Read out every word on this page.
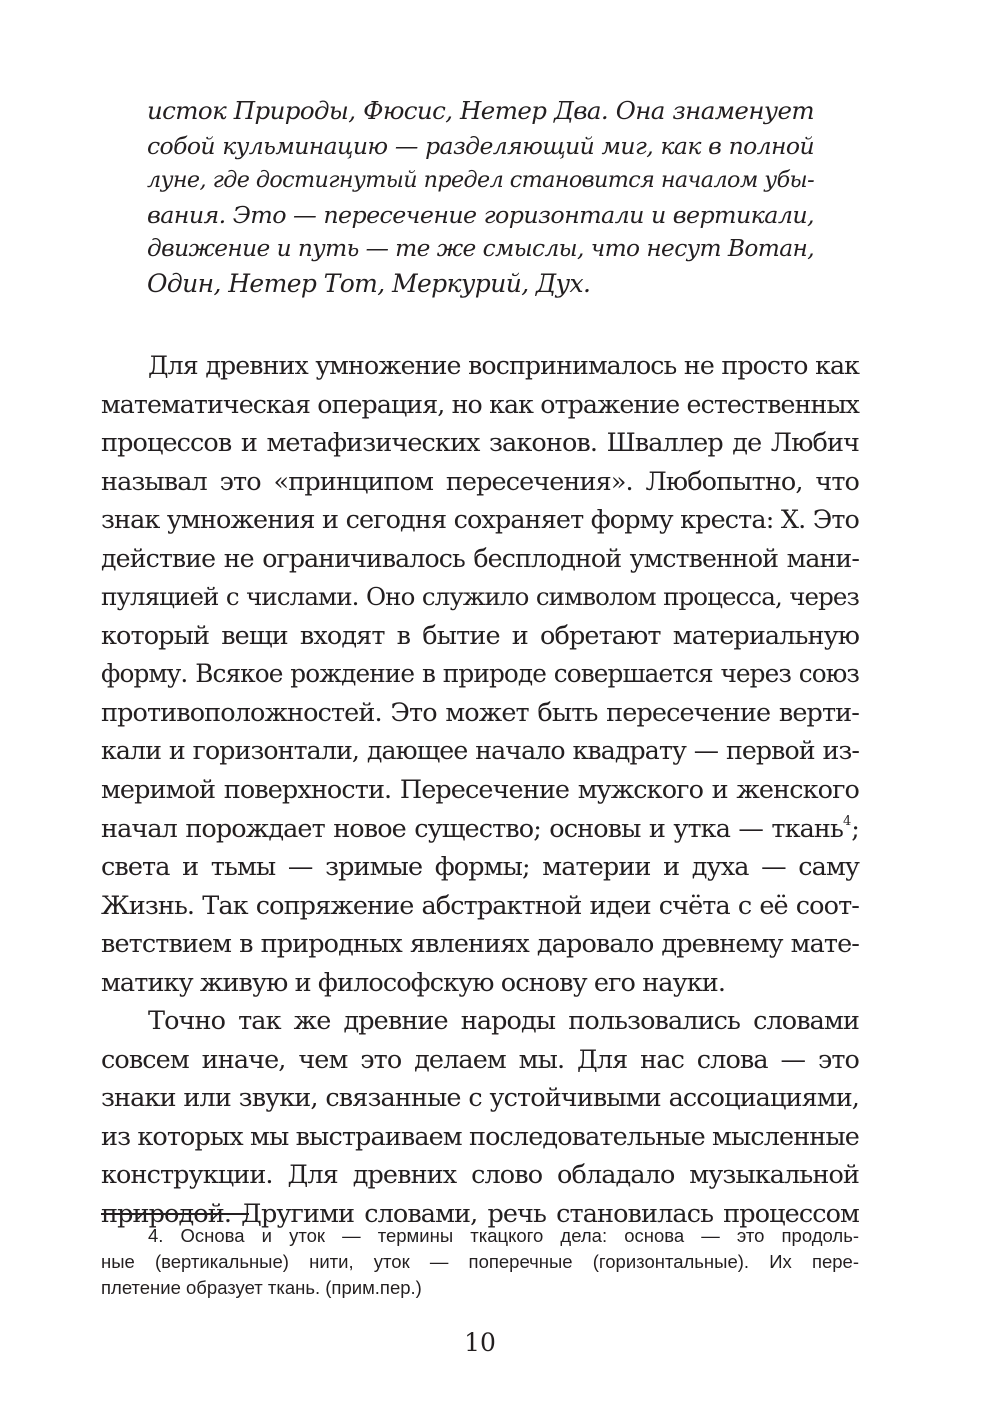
исток Природы, Фюсис, Нетер Два. Она знаменует
собой кульминацию — разделяющий миг, как в полной
луне, где достигнутый предел становится началом убы-
вания. Это — пересечение горизонтали и вертикали,
движение и путь — те же смыслы, что несут Вотан,
Один, Нетер Тот, Меркурий, Дух.
Для древних умножение воспринималось не просто как
математическая операция, но как отражение естественных
процессов и метафизических законов. Шваллер де Любич
называл это «принципом пересечения». Любопытно, что
знак умножения и сегодня сохраняет форму креста: X. Это
действие не ограничивалось бесплодной умственной мани-
пуляцией с числами. Оно служило символом процесса, через
который вещи входят в бытие и обретают материальную
форму. Всякое рождение в природе совершается через союз
противоположностей. Это может быть пересечение верти-
кали и горизонтали, дающее начало квадрату — первой из-
меримой поверхности. Пересечение мужского и женского
начал порождает новое существо; основы и утка — ткань$^4$;
света и тьмы — зримые формы; материи и духа — саму
Жизнь. Так сопряжение абстрактной идеи счёта с её соот-
ветствием в природных явлениях даровало древнему мате-
матику живую и философскую основу его науки.
Точно так же древние народы пользовались словами
совсем иначе, чем это делаем мы. Для нас слова — это
знаки или звуки, связанные с устойчивыми ассоциациями,
из которых мы выстраиваем последовательные мысленные
конструкции. Для древних слово обладало музыкальной
природой. Другими словами, речь становилась процессом
4. Основа и уток — термины ткацкого дела: основа — это продоль-
ные (вертикальные) нити, уток — поперечные (горизонтальные). Их пере-
плетение образует ткань. (прим.пер.)
10
